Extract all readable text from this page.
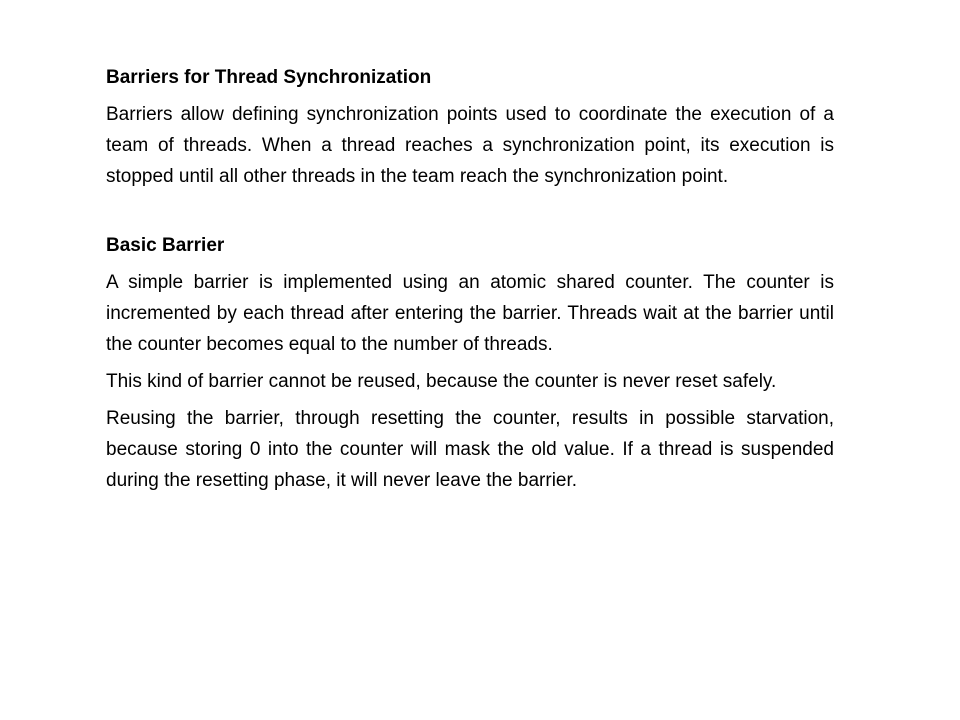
Barriers for Thread Synchronization
Barriers allow defining synchronization points used to coordinate the execution of a team of threads. When a thread reaches a synchronization point, its execution is stopped until all other threads in the team reach the synchronization point.
Basic Barrier
A simple barrier is implemented using an atomic shared counter. The counter is incremented by each thread after entering the barrier. Threads wait at the barrier until the counter becomes equal to the number of threads.
This kind of barrier cannot be reused, because the counter is never reset safely.
Reusing the barrier, through resetting the counter, results in possible starvation, because storing 0 into the counter will mask the old value. If a thread is suspended during the resetting phase, it will never leave the barrier.
